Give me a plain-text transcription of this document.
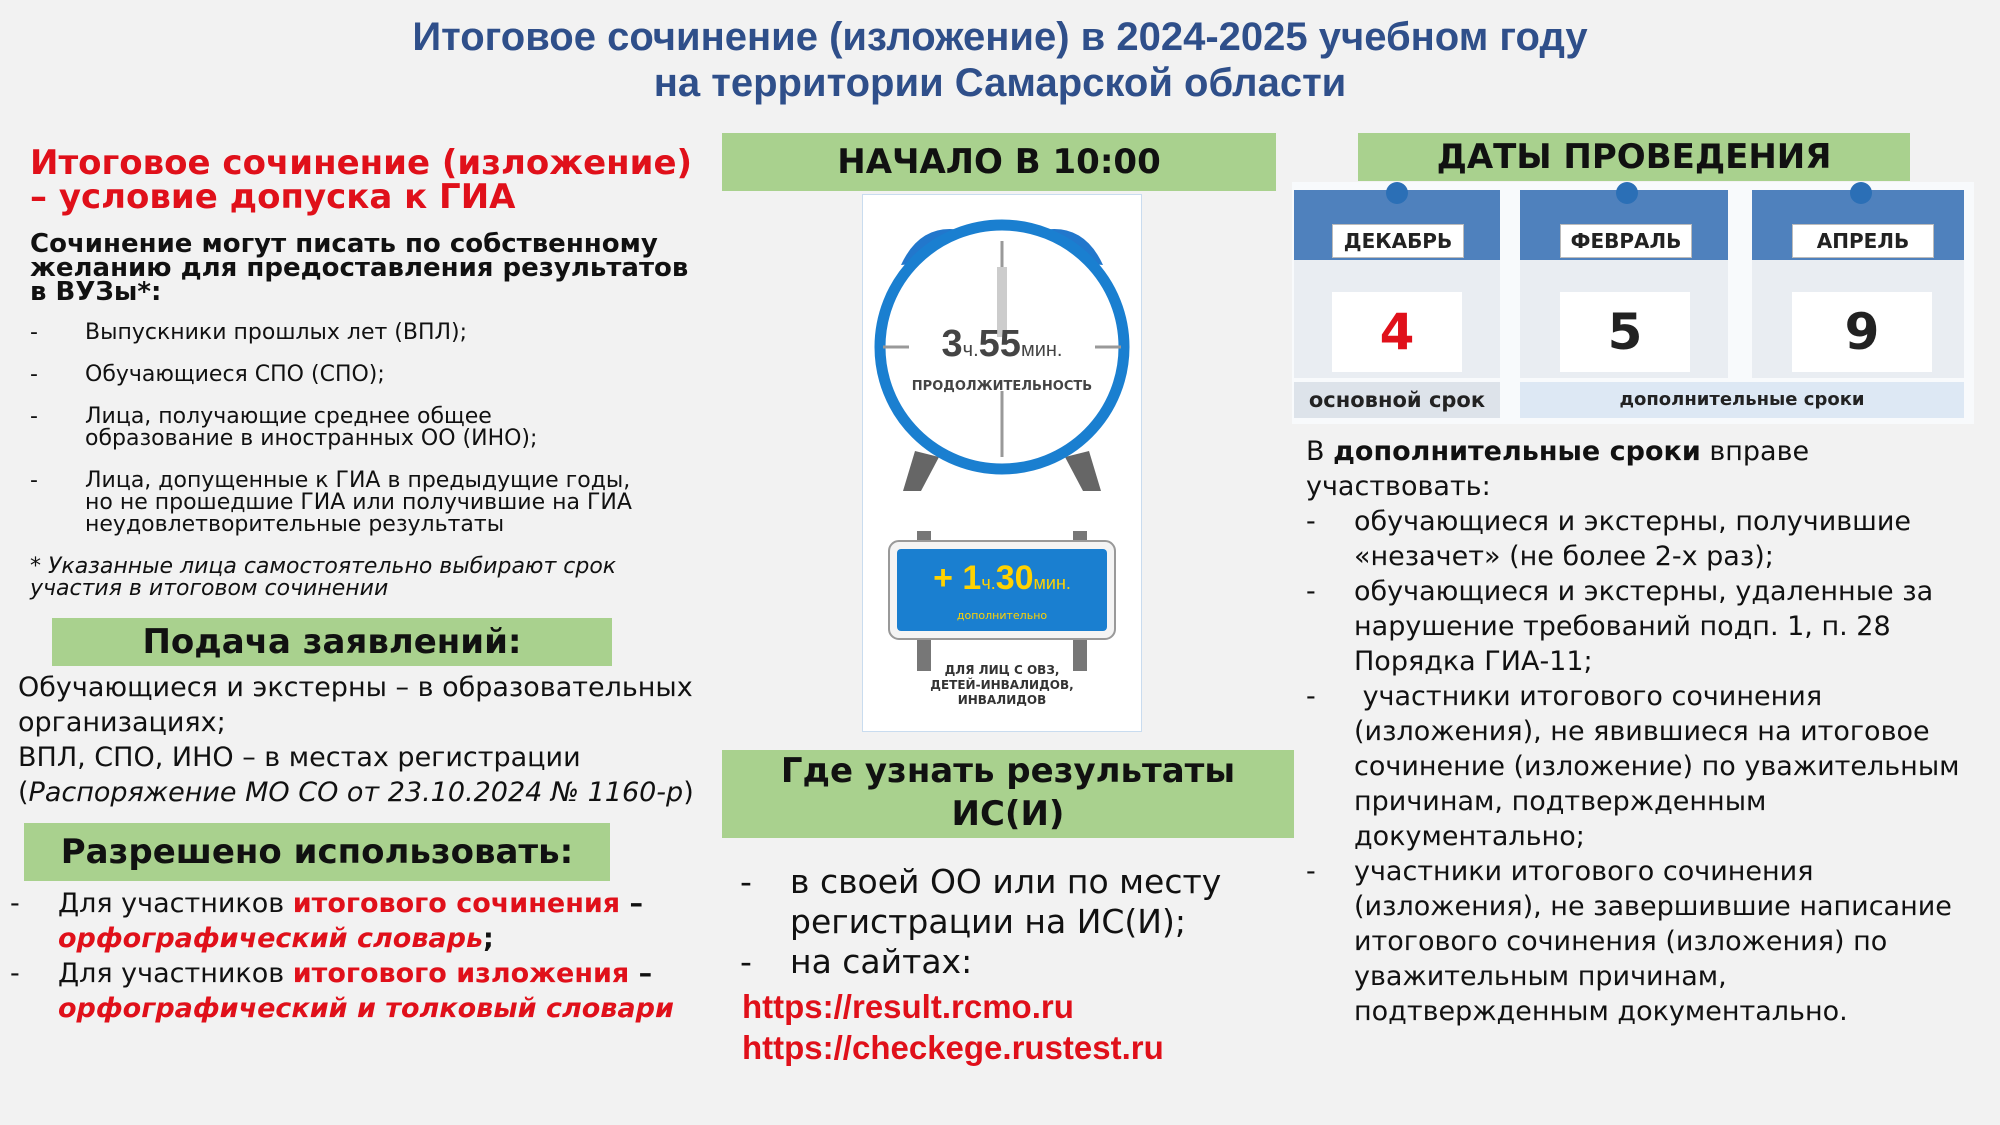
Итоговое сочинение (изложение) в 2024-2025 учебном году
на территории Самарской области
Итоговое сочинение (изложение)
– условие допуска к ГИА
Сочинение могут писать по собственному
желанию для предоставления результатов
в ВУЗы*:
- Выпускники прошлых лет (ВПЛ);
- Обучающиеся СПО (СПО);
- Лица, получающие среднее общее
образование в иностранных ОО (ИНО);
- Лица, допущенные к ГИА в предыдущие годы,
но не прошедшие ГИА или получившие на ГИА
неудовлетворительные результаты
* Указанные лица самостоятельно выбирают срок
участия в итоговом сочинении
Подача заявлений:
Обучающиеся и экстерны – в образовательных
организациях;
ВПЛ, СПО, ИНО – в местах регистрации
(Распоряжение МО СО от 23.10.2024 № 1160-р)
Разрешено использовать:
- Для участников итогового сочинения –
орфографический словарь;
- Для участников итогового изложения –
орфографический и толковый словари
НАЧАЛО В 10:00
3ч.55мин.
ПРОДОЛЖИТЕЛЬНОСТЬ
+ 1ч.30мин.
дополнительно
ДЛЯ ЛИЦ С ОВЗ,
ДЕТЕЙ-ИНВАЛИДОВ,
ИНВАЛИДОВ
Где узнать результаты
ИС(И)
- в своей ОО или по месту
регистрации на ИС(И);
- на сайтах:
https://result.rcmo.ru
https://checkege.rustest.ru
ДАТЫ ПРОВЕДЕНИЯ
ДЕКАБРЬ
4
ФЕВРАЛЬ
5
АПРЕЛЬ
9
основной срок	дополнительные сроки
В дополнительные сроки вправе участвовать:
- обучающиеся и экстерны, получившие
«незачет» (не более 2-х раз);
- обучающиеся и экстерны, удаленные за
нарушение требований подп. 1, п. 28
Порядка ГИА-11;
- участники итогового сочинения
(изложения), не явившиеся на итоговое
сочинение (изложение) по уважительным
причинам, подтвержденным
документально;
- участники итогового сочинения
(изложения), не завершившие написание
итогового сочинения (изложения) по
уважительным причинам,
подтвержденным документально.
